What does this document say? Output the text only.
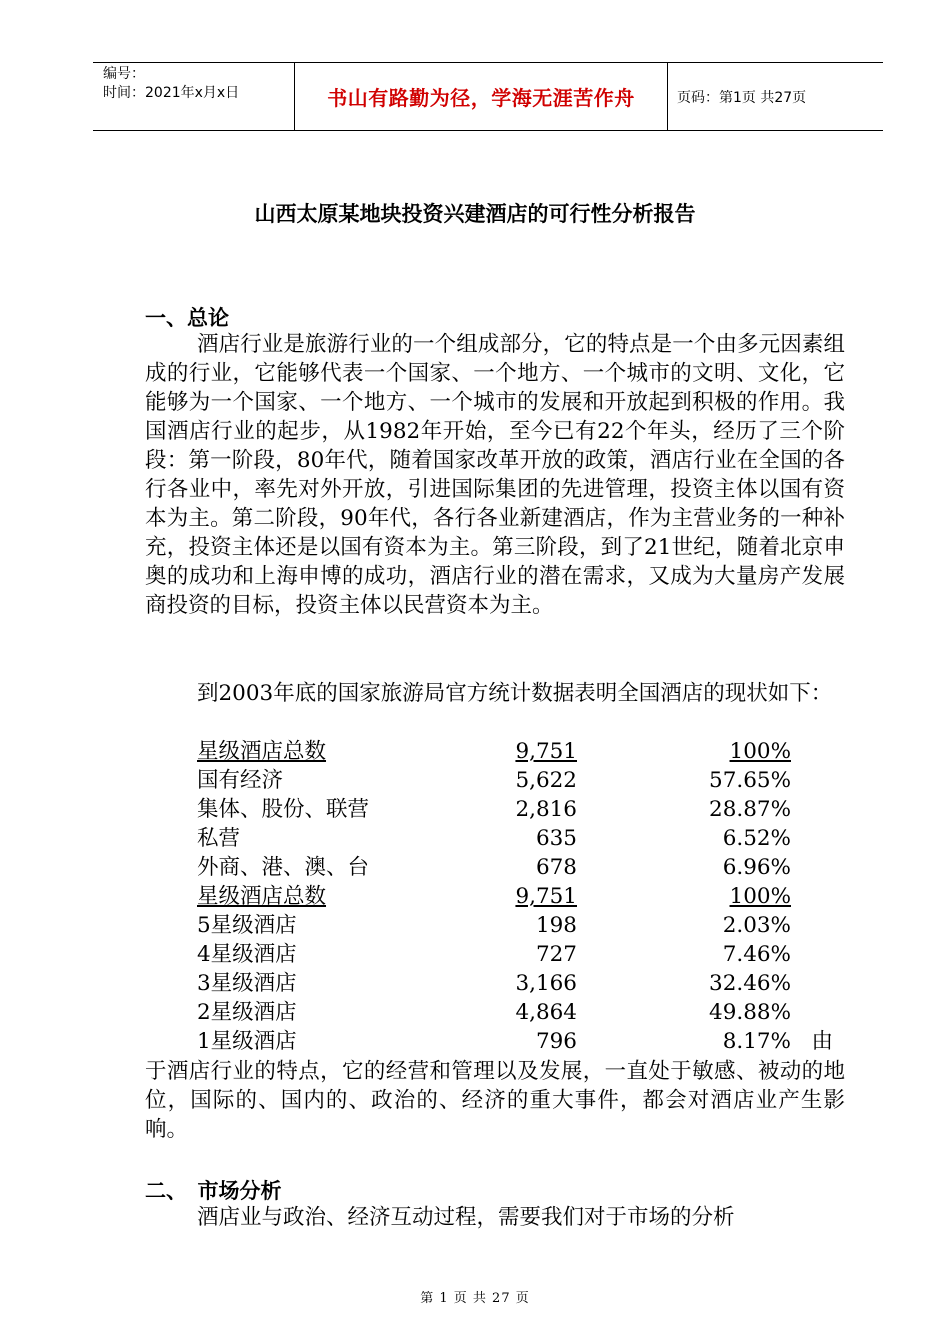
编号：
时间：2021年x月x日	书山有路勤为径，学海无涯苦作舟	页码：第1页 共27页
山西太原某地块投资兴建酒店的可行性分析报告
一、总论
酒店行业是旅游行业的一个组成部分，它的特点是一个由多元因素组成的行业，它能够代表一个国家、一个地方、一个城市的文明、文化，它能够为一个国家、一个地方、一个城市的发展和开放起到积极的作用。我国酒店行业的起步，从1982年开始，至今已有22个年头，经历了三个阶段：第一阶段，80年代，随着国家改革开放的政策，酒店行业在全国的各行各业中，率先对外开放，引进国际集团的先进管理，投资主体以国有资本为主。第二阶段，90年代，各行各业新建酒店，作为主营业务的一种补充，投资主体还是以国有资本为主。第三阶段，到了21世纪，随着北京申奥的成功和上海申博的成功，酒店行业的潜在需求，又成为大量房产发展商投资的目标，投资主体以民营资本为主。
到2003年底的国家旅游局官方统计数据表明全国酒店的现状如下：
星级酒店总数	9,751	100%
国有经济	5,622	57.65%
集体、股份、联营	2,816	28.87%
私营	635	6.52%
外商、港、澳、台	678	6.96%
星级酒店总数	9,751	100%
5星级酒店	198	2.03%
4星级酒店	727	7.46%
3星级酒店	3,166	32.46%
2星级酒店	4,864	49.88%
1星级酒店	796	8.17% 由
于酒店行业的特点，它的经营和管理以及发展，一直处于敏感、被动的地位，国际的、国内的、政治的、经济的重大事件，都会对酒店业产生影响。
二、　市场分析
酒店业与政治、经济互动过程，需要我们对于市场的分析
第 1 页 共 27 页
